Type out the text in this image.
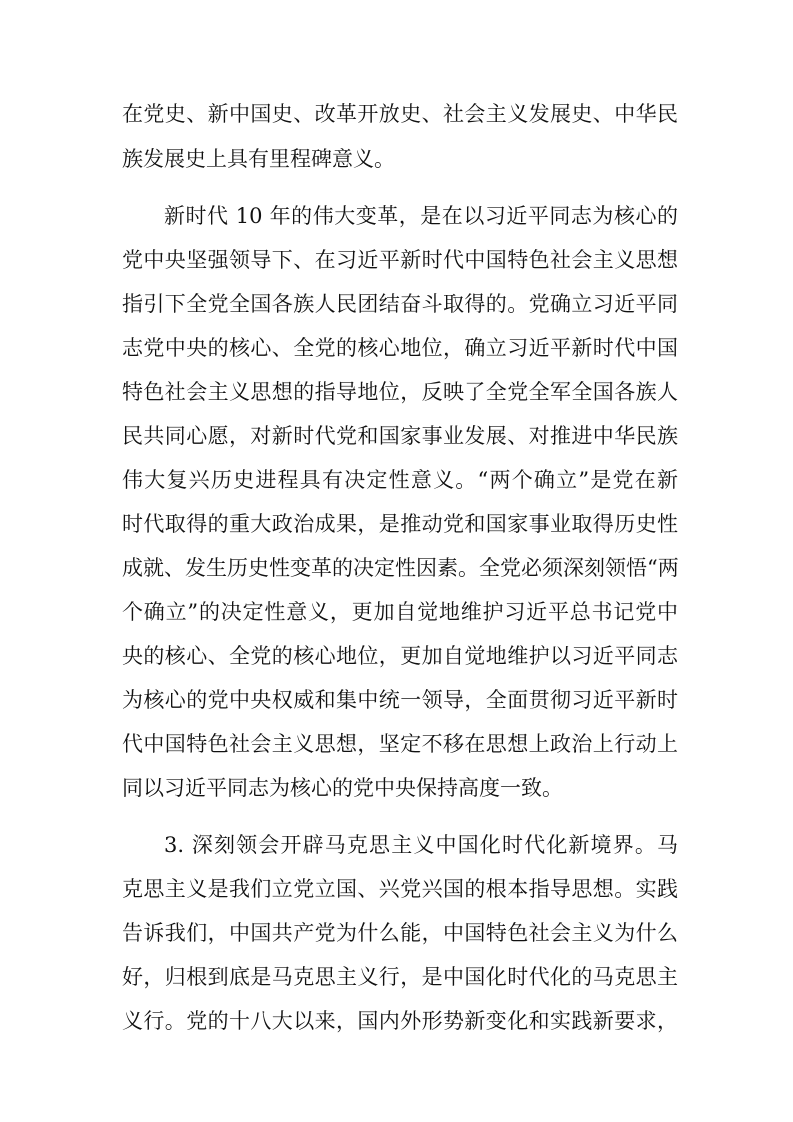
在党史、新中国史、改革开放史、社会主义发展史、中华民
族发展史上具有里程碑意义。
新时代 10 年的伟大变革，是在以习近平同志为核心的
党中央坚强领导下、在习近平新时代中国特色社会主义思想
指引下全党全国各族人民团结奋斗取得的。党确立习近平同
志党中央的核心、全党的核心地位，确立习近平新时代中国
特色社会主义思想的指导地位，反映了全党全军全国各族人
民共同心愿，对新时代党和国家事业发展、对推进中华民族
伟大复兴历史进程具有决定性意义。“两个确立”是党在新
时代取得的重大政治成果，是推动党和国家事业取得历史性
成就、发生历史性变革的决定性因素。全党必须深刻领悟“两
个确立”的决定性意义，更加自觉地维护习近平总书记党中
央的核心、全党的核心地位，更加自觉地维护以习近平同志
为核心的党中央权威和集中统一领导，全面贯彻习近平新时
代中国特色社会主义思想，坚定不移在思想上政治上行动上
同以习近平同志为核心的党中央保持高度一致。
3. 深刻领会开辟马克思主义中国化时代化新境界。马
克思主义是我们立党立国、兴党兴国的根本指导思想。实践
告诉我们，中国共产党为什么能，中国特色社会主义为什么
好，归根到底是马克思主义行，是中国化时代化的马克思主
义行。党的十八大以来，国内外形势新变化和实践新要求，
